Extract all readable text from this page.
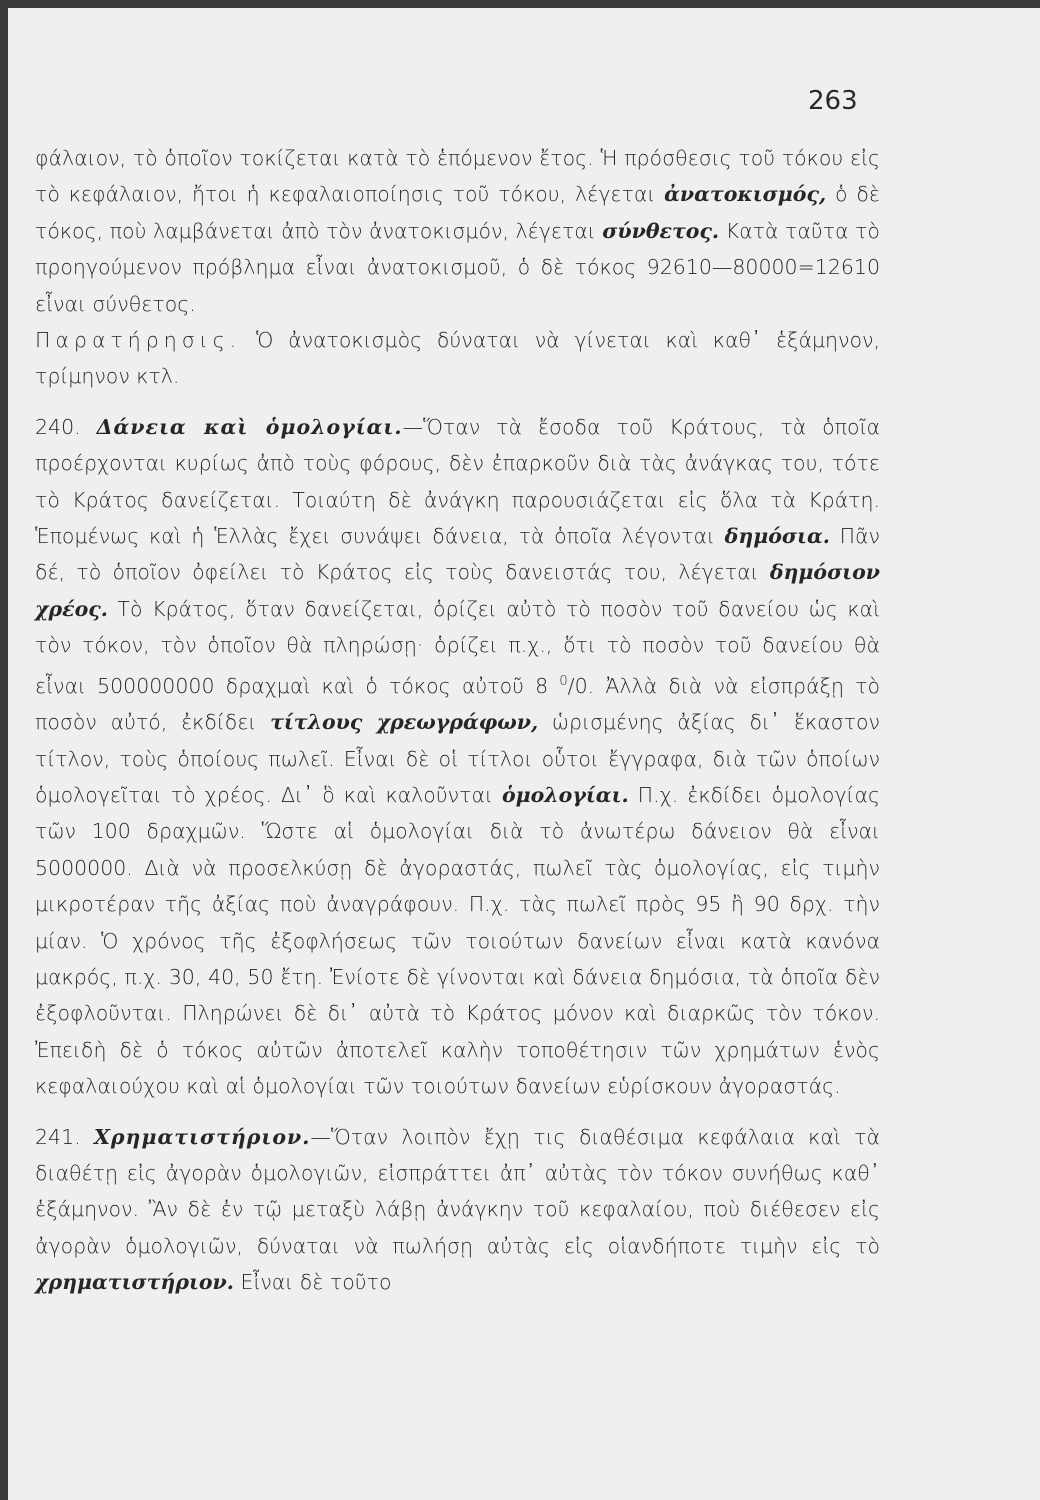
263

φάλαιον, τὸ ὁποῖον τοκίζεται κατὰ τὸ ἑπόμενον ἔτος. Ἡ πρόσθεσις τοῦ τόκου εἰς τὸ κεφάλαιον, ἤτοι ἡ κεφαλαιοποίησις τοῦ τόκου, λέγεται ἀνατοκισμός, ὁ δὲ τόκος, ποὺ λαμβάνεται ἀπὸ τὸν ἀνατοκισμόν, λέγεται σύνθετος. Κατὰ ταῦτα τὸ προηγούμενον πρόβλημα εἶναι ἀνατοκισμοῦ, ὁ δὲ τόκος 92610—80000=12610 εἶναι σύνθετος.

Παρατήρησις. Ὁ ἀνατοκισμὸς δύναται νὰ γίνεται καὶ καθ᾽ ἑξάμηνον, τρίμηνον κτλ.

240. Δάνεια καὶ ὁμολογίαι.—Ὅταν τὰ ἔσοδα τοῦ Κράτους, τὰ ὁποῖα προέρχονται κυρίως ἀπὸ τοὺς φόρους, δὲν ἐπαρκοῦν διὰ τὰς ἀνάγκας του, τότε τὸ Κράτος δανείζεται. Τοιαύτη δὲ ἀνάγκη παρουσιάζεται εἰς ὅλα τὰ Κράτη. Ἑπομένως καὶ ἡ Ἑλλὰς ἔχει συνάψει δάνεια, τὰ ὁποῖα λέγονται δημόσια. Πᾶν δέ, τὸ ὁποῖον ὀφείλει τὸ Κράτος εἰς τοὺς δανειστάς του, λέγεται δημόσιον χρέος. Τὸ Κράτος, ὅταν δανείζεται, ὁρίζει αὐτὸ τὸ ποσὸν τοῦ δανείου ὡς καὶ τὸν τόκον, τὸν ὁποῖον θὰ πληρώσῃ· ὁρίζει π.χ., ὅτι τὸ ποσὸν τοῦ δανείου θὰ εἶναι 500000000 δραχμαὶ καὶ ὁ τόκος αὐτοῦ 8 $^0$/0. Ἀλλὰ διὰ νὰ εἰσπράξῃ τὸ ποσὸν αὐτό, ἐκδίδει τίτλους χρεωγράφων, ὡρισμένης ἀξίας δι᾽ ἕκαστον τίτλον, τοὺς ὁποίους πωλεῖ. Εἶναι δὲ οἱ τίτλοι οὗτοι ἔγγραφα, διὰ τῶν ὁποίων ὁμολογεῖται τὸ χρέος. Δι᾽ ὃ καὶ καλοῦνται ὁμολογίαι. Π.χ. ἐκδίδει ὁμολογίας τῶν 100 δραχμῶν. Ὥστε αἱ ὁμολογίαι διὰ τὸ ἀνωτέρω δάνειον θὰ εἶναι 5000000. Διὰ νὰ προσελκύσῃ δὲ ἀγοραστάς, πωλεῖ τὰς ὁμολογίας, εἰς τιμὴν μικροτέραν τῆς ἀξίας ποὺ ἀναγράφουν. Π.χ. τὰς πωλεῖ πρὸς 95 ἢ 90 δρχ. τὴν μίαν. Ὁ χρόνος τῆς ἐξοφλήσεως τῶν τοιούτων δανείων εἶναι κατὰ κανόνα μακρός, π.χ. 30, 40, 50 ἔτη. Ἐνίοτε δὲ γίνονται καὶ δάνεια δημόσια, τὰ ὁποῖα δὲν ἐξοφλοῦνται. Πληρώνει δὲ δι᾽ αὐτὰ τὸ Κράτος μόνον καὶ διαρκῶς τὸν τόκον. Ἐπειδὴ δὲ ὁ τόκος αὐτῶν ἀποτελεῖ καλὴν τοποθέτησιν τῶν χρημάτων ἑνὸς κεφαλαιούχου καὶ αἱ ὁμολογίαι τῶν τοιούτων δανείων εὑρίσκουν ἀγοραστάς.

241. Χρηματιστήριον.—Ὅταν λοιπὸν ἔχῃ τις διαθέσιμα κεφάλαια καὶ τὰ διαθέτῃ εἰς ἀγορὰν ὁμολογιῶν, εἰσπράττει ἀπ᾽ αὐτὰς τὸν τόκον συνήθως καθ᾽ ἑξάμηνον. Ἂν δὲ ἐν τῷ μεταξὺ λάβῃ ἀνάγκην τοῦ κεφαλαίου, ποὺ διέθεσεν εἰς ἀγορὰν ὁμολογιῶν, δύναται νὰ πωλήσῃ αὐτὰς εἰς οἱανδήποτε τιμὴν εἰς τὸ χρηματιστήριον. Εἶναι δὲ τοῦτο
